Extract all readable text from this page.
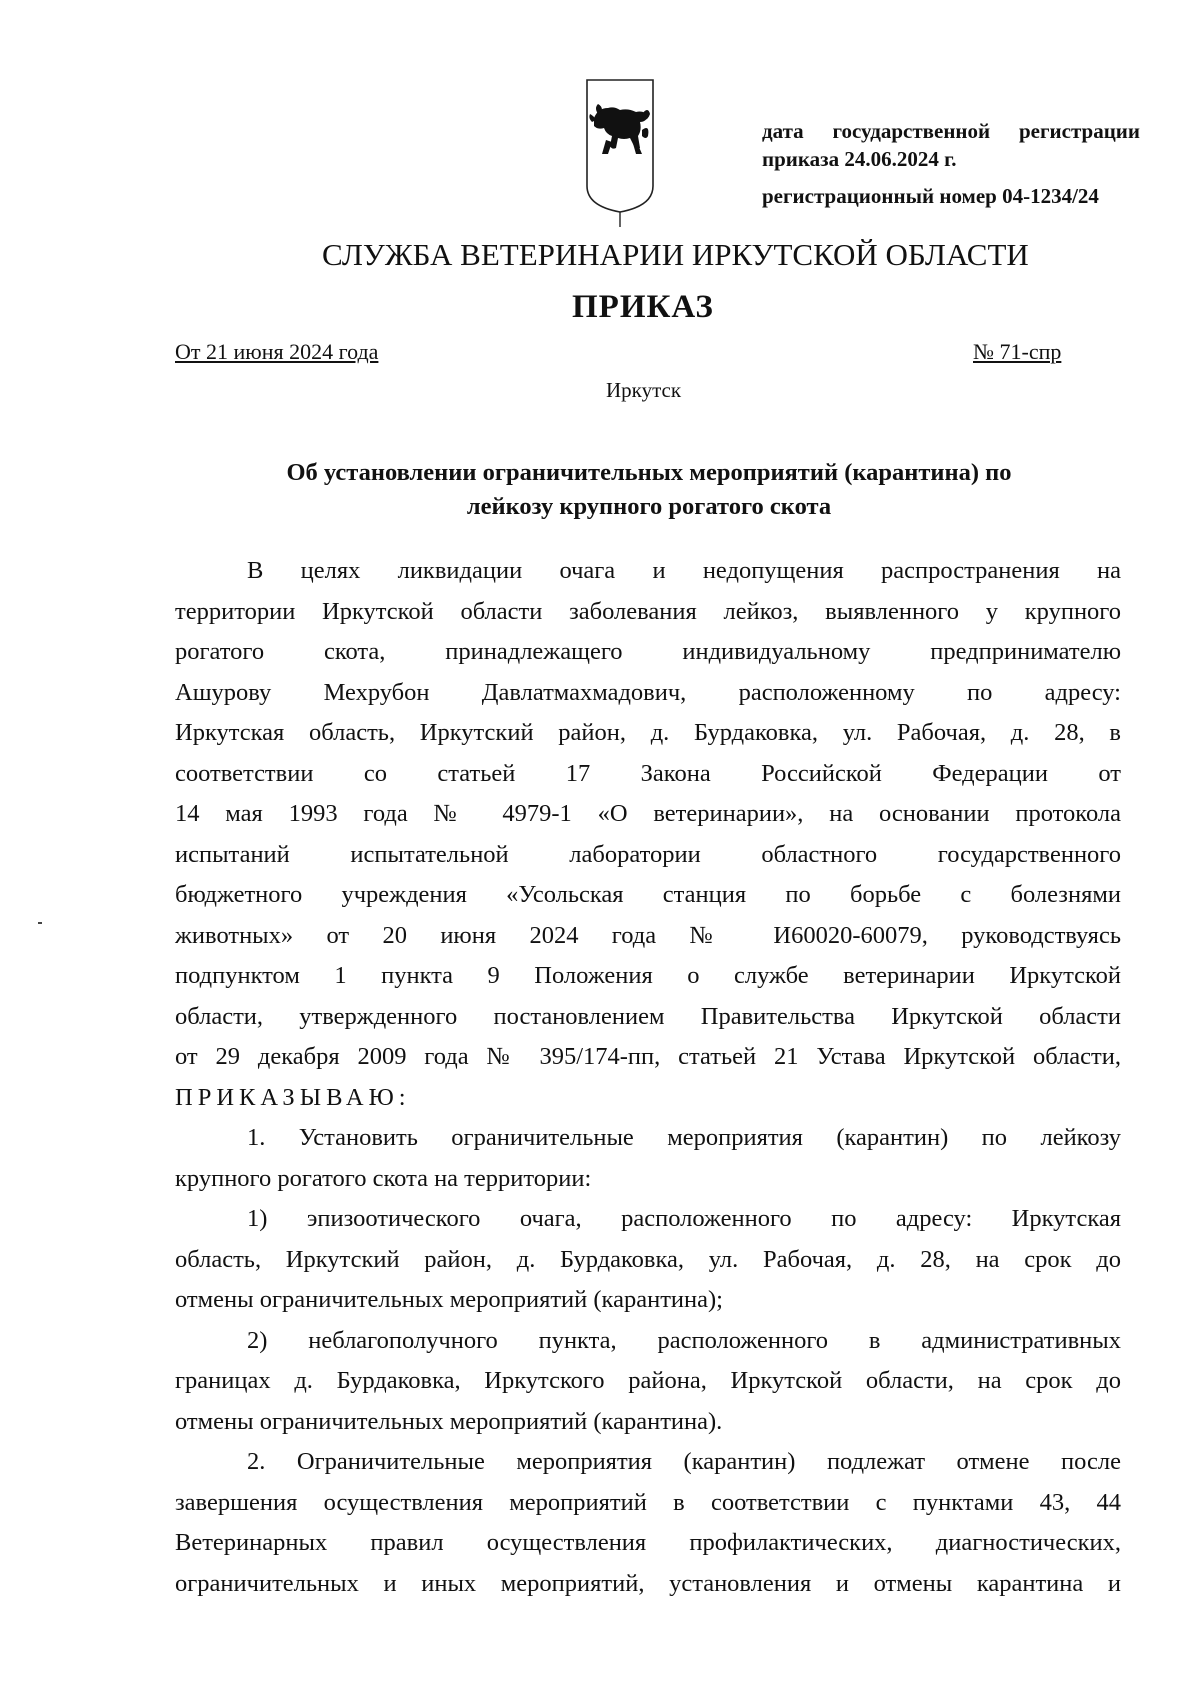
дата государственной регистрации
приказа 24.06.2024 г.
регистрационный номер 04-1234/24
СЛУЖБА ВЕТЕРИНАРИИ ИРКУТСКОЙ ОБЛАСТИ
ПРИКАЗ
От 21 июня 2024 года	№ 71-спр
Иркутск
Об установлении ограничительных мероприятий (карантина) по
лейкозу крупного рогатого скота
В целях ликвидации очага и недопущения распространения на
территории Иркутской области заболевания лейкоз, выявленного у крупного
рогатого скота, принадлежащего индивидуальному предпринимателю
Ашурову Мехрубон Давлатмахмадович, расположенному по адресу:
Иркутская область, Иркутский район, д. Бурдаковка, ул. Рабочая, д. 28, в
соответствии со статьей 17 Закона Российской Федерации от
14 мая 1993 года № 4979-1 «О ветеринарии», на основании протокола
испытаний испытательной лаборатории областного государственного
бюджетного учреждения «Усольская станция по борьбе с болезнями
животных» от 20 июня 2024 года № И60020-60079, руководствуясь
подпунктом 1 пункта 9 Положения о службе ветеринарии Иркутской
области, утвержденного постановлением Правительства Иркутской области
от 29 декабря 2009 года № 395/174-пп, статьей 21 Устава Иркутской области,
ПРИКАЗЫВАЮ:
1. Установить ограничительные мероприятия (карантин) по лейкозу
крупного рогатого скота на территории:
1) эпизоотического очага, расположенного по адресу: Иркутская
область, Иркутский район, д. Бурдаковка, ул. Рабочая, д. 28, на срок до
отмены ограничительных мероприятий (карантина);
2) неблагополучного пункта, расположенного в административных
границах д. Бурдаковка, Иркутского района, Иркутской области, на срок до
отмены ограничительных мероприятий (карантина).
2. Ограничительные мероприятия (карантин) подлежат отмене после
завершения осуществления мероприятий в соответствии с пунктами 43, 44
Ветеринарных правил осуществления профилактических, диагностических,
ограничительных и иных мероприятий, установления и отмены карантина и
